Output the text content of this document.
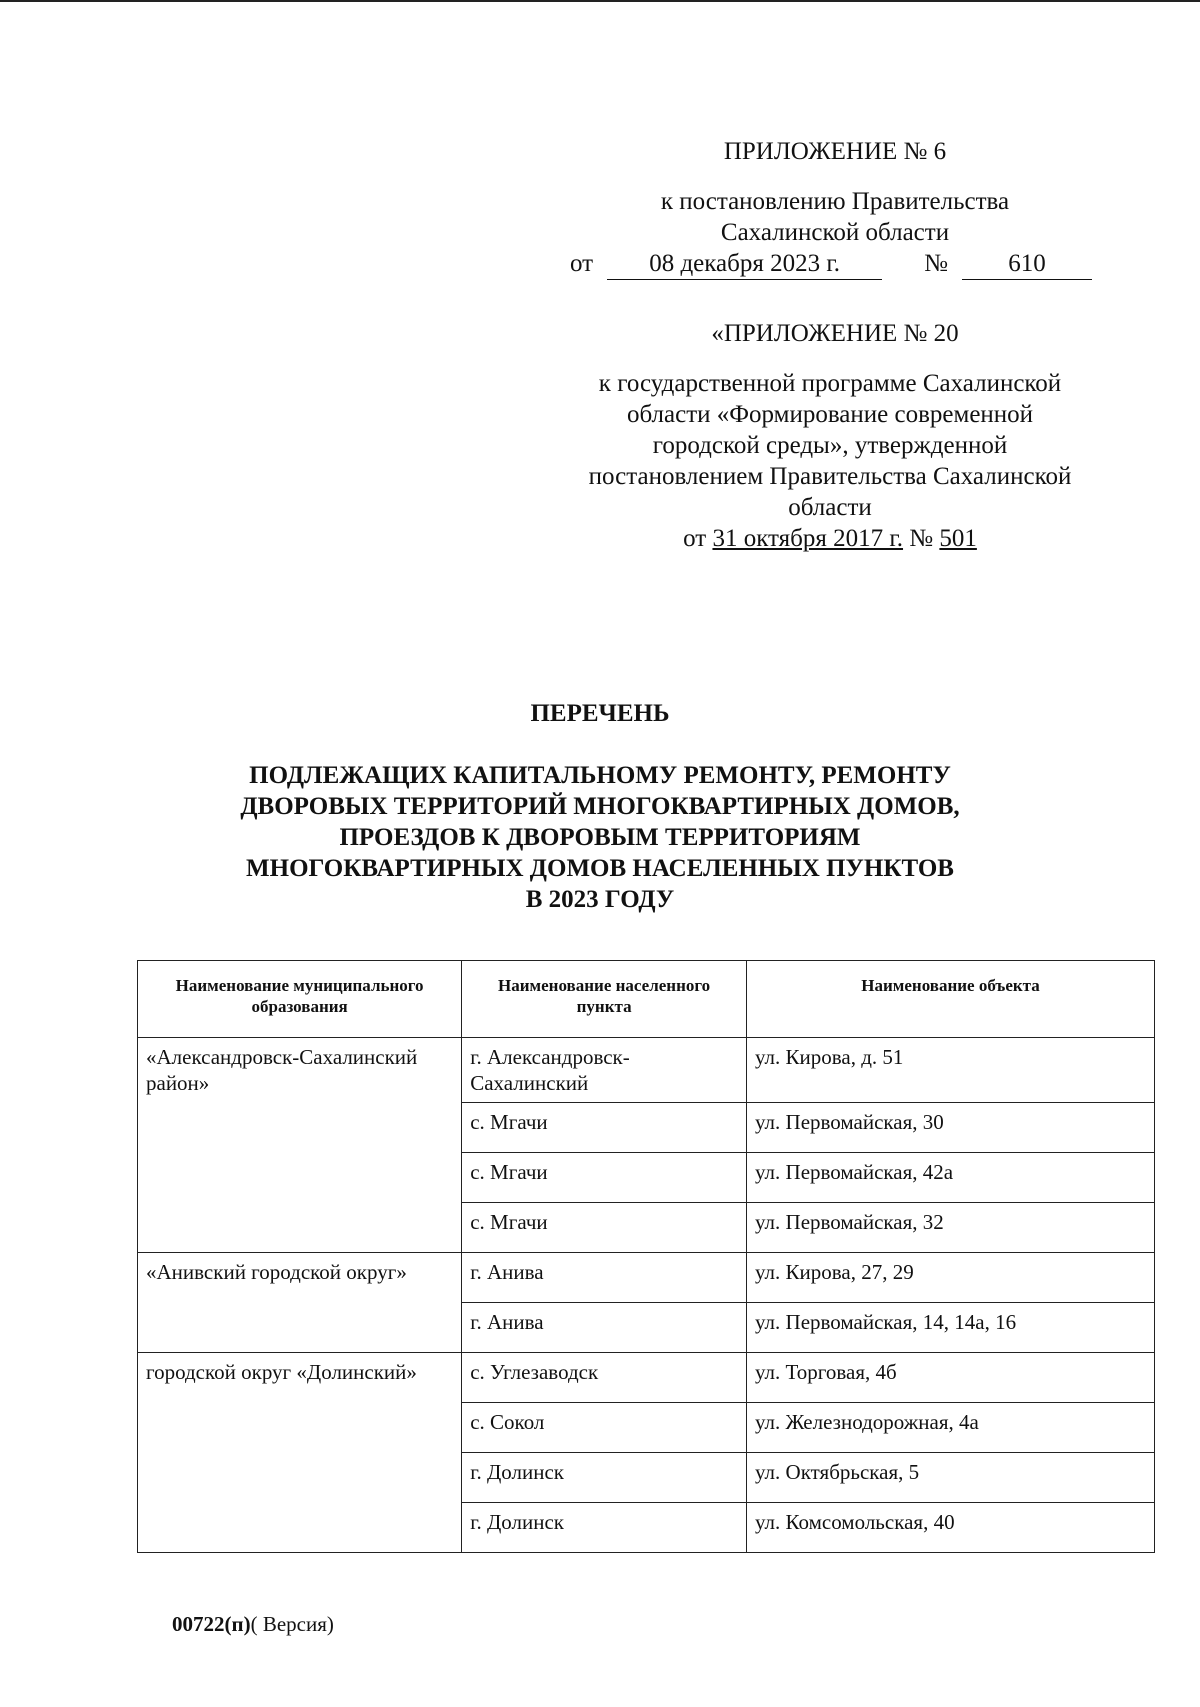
ПРИЛОЖЕНИЕ № 6
к постановлению Правительства
Сахалинской области
от 08 декабря 2023 г.	№ 610
«ПРИЛОЖЕНИЕ № 20
к государственной программе Сахалинской
области «Формирование современной
городской среды», утвержденной
постановлением Правительства Сахалинской
области
от 31 октября 2017 г. № 501
ПЕРЕЧЕНЬ
ПОДЛЕЖАЩИХ КАПИТАЛЬНОМУ РЕМОНТУ, РЕМОНТУ
ДВОРОВЫХ ТЕРРИТОРИЙ МНОГОКВАРТИРНЫХ ДОМОВ,
ПРОЕЗДОВ К ДВОРОВЫМ ТЕРРИТОРИЯМ
МНОГОКВАРТИРНЫХ ДОМОВ НАСЕЛЕННЫХ ПУНКТОВ
В 2023 ГОДУ
Наименование муниципального образования	Наименование населенного пункта	Наименование объекта
«Александровск-Сахалинский район»	г. Александровск-Сахалинский	ул. Кирова, д. 51
	с. Мгачи	ул. Первомайская, 30
	с. Мгачи	ул. Первомайская, 42а
	с. Мгачи	ул. Первомайская, 32
«Анивский городской округ»	г. Анива	ул. Кирова, 27, 29
	г. Анива	ул. Первомайская, 14, 14а, 16
городской округ «Долинский»	с. Углезаводск	ул. Торговая, 4б
	с. Сокол	ул. Железнодорожная, 4а
	г. Долинск	ул. Октябрьская, 5
	г. Долинск	ул. Комсомольская, 40
00722(п)( Версия)
